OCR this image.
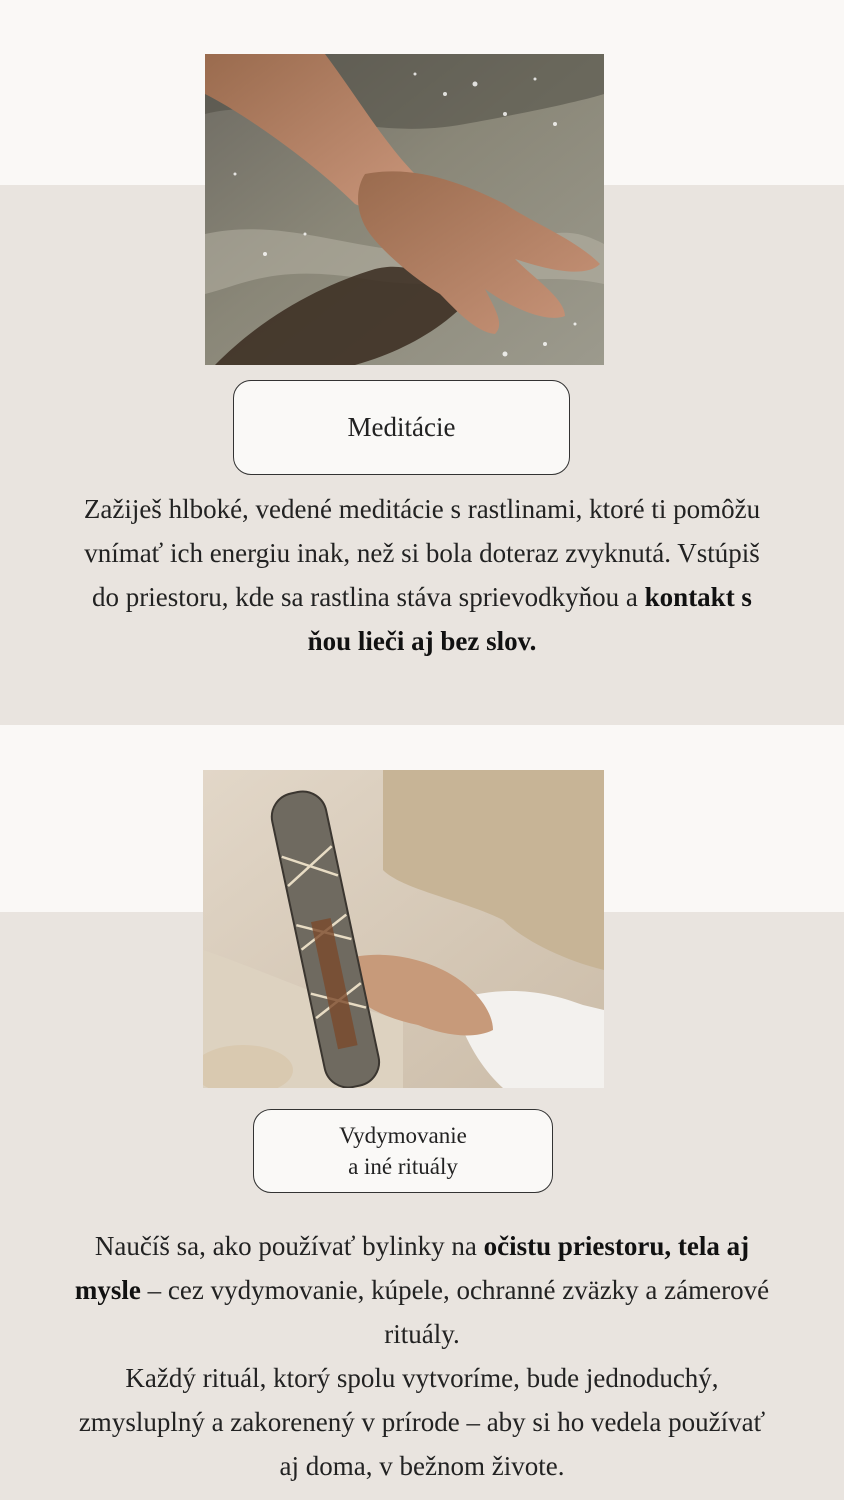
Meditácie

Zažiješ hlboké, vedené meditácie s rastlinami, ktoré ti pomôžu vnímať ich energiu inak, než si bola doteraz zvyknutá. Vstúpiš do priestoru, kde sa rastlina stáva sprievodkyňou a kontakt s ňou lieči aj bez slov.

Vydymovanie
a iné rituály

Naučíš sa, ako používať bylinky na očistu priestoru, tela aj mysle – cez vydymovanie, kúpele, ochranné zväzky a zámerové rituály.
Každý rituál, ktorý spolu vytvoríme, bude jednoduchý, zmysluplný a zakorenený v prírode – aby si ho vedela používať aj doma, v bežnom živote.
